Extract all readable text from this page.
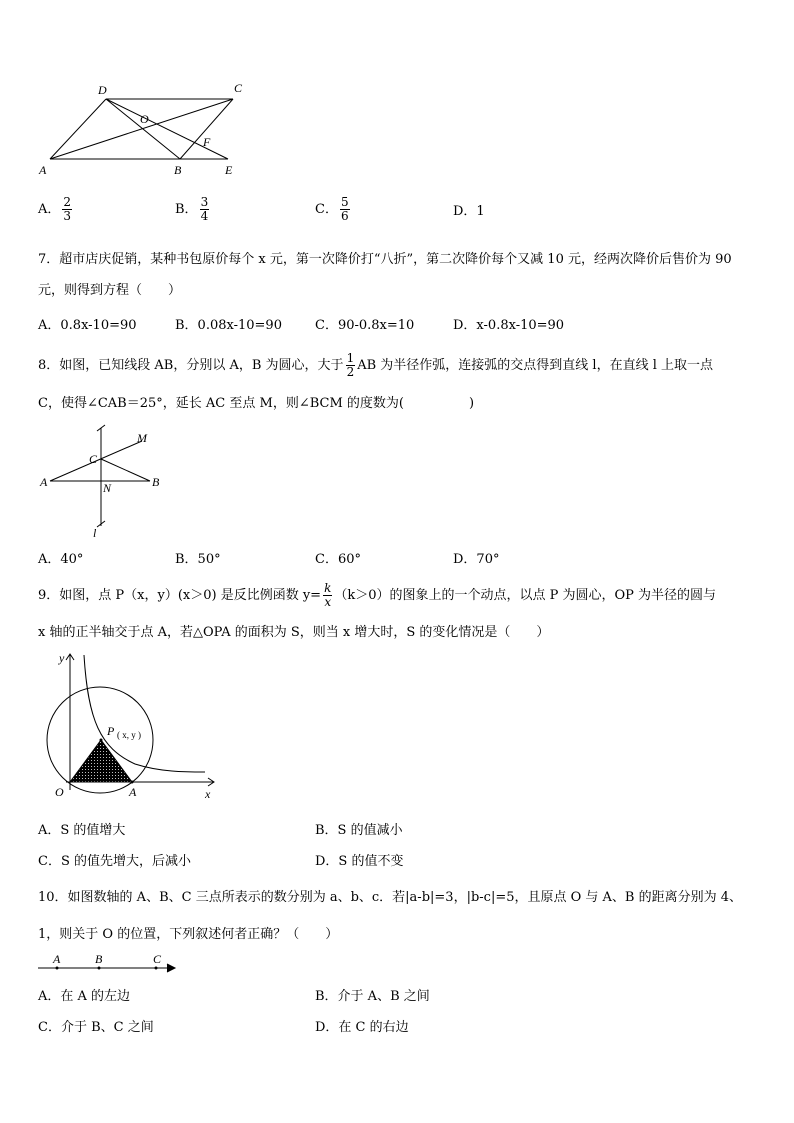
D	C
O
F
A	B	E
A． $\frac{2}{3}$	B． $\frac{3}{4}$	C． $\frac{5}{6}$	D．1
7．超市店庆促销，某种书包原价每个 x 元，第一次降价打“八折”，第二次降价每个又减 10 元，经两次降价后售价为 90
元，则得到方程（　　）
A．0.8x-10=90	B．0.08x-10=90	C．90-0.8x=10	D．x-0.8x-10=90
8．如图，已知线段 AB，分别以 A，B 为圆心，大于 $\frac{1}{2}$ AB 为半径作弧，连接弧的交点得到直线 l，在直线 l 上取一点
C，使得∠CAB＝25°，延长 AC 至点 M，则∠BCM 的度数为(　　　　　)
M
C
A	B
N
l
A．40°	B．50°	C．60°	D．70°
9．如图，点 P（x，y）(x＞0) 是反比例函数 $y= \frac{k}{x} (k>0)$的图象上的一个动点，以点 P 为圆心，OP 为半径的圆与
x 轴的正半轴交于点 A，若△OPA 的面积为 S，则当 x 增大时，S 的变化情况是（　　）
y
P ( x, y )
O	A	x
A．S 的值增大	B．S 的值减小
C．S 的值先增大，后减小	D．S 的值不变
10．如图数轴的 A、B、C 三点所表示的数分别为 a、b、c．若|a-b|=3，|b-c|=5，且原点 O 与 A、B 的距离分别为 4、
1，则关于 O 的位置，下列叙述何者正确？（　　）
A	B	C
A．在 A 的左边	B．介于 A、B 之间
C．介于 B、C 之间	D．在 C 的右边
